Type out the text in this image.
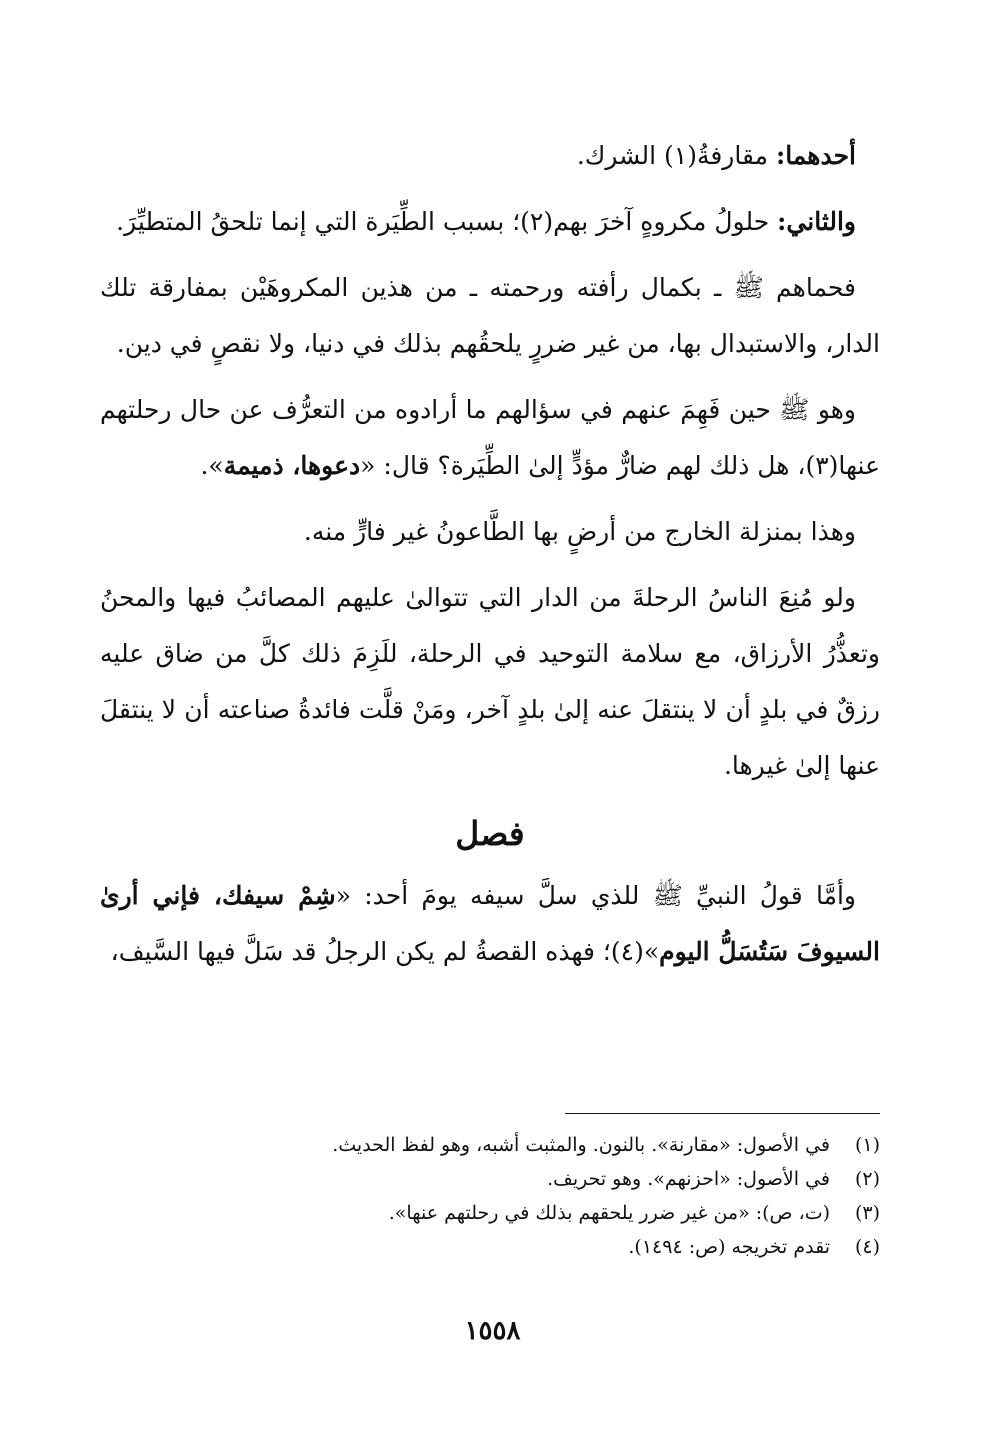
أحدهما: مقارفةُ(١) الشرك.

والثاني: حلولُ مكروهٍ آخرَ بهم(٢)؛ بسبب الطِّيَرة التي إنما تلحقُ المتطيِّرَ.

فحماهم ﷺ ـ بكمال رأفته ورحمته ـ من هذين المكروهَيْن بمفارقة تلك الدار، والاستبدال بها، من غير ضررٍ يلحقُهم بذلك في دنيا، ولا نقصٍ في دين.

وهو ﷺ حين فَهِمَ عنهم في سؤالهم ما أرادوه من التعرُّف عن حال رحلتهم عنها(٣)، هل ذلك لهم ضارٌّ مؤدٍّ إلىٰ الطِّيَرة؟ قال: «دعوها، ذميمة».

وهذا بمنزلة الخارج من أرضٍ بها الطَّاعونُ غير فارٍّ منه.

ولو مُنِعَ الناسُ الرحلةَ من الدار التي تتوالىٰ عليهم المصائبُ فيها والمحنُ وتعذُّرُ الأرزاق، مع سلامة التوحيد في الرحلة، للَزِمَ ذلك كلَّ من ضاق عليه رزقٌ في بلدٍ أن لا ينتقلَ عنه إلىٰ بلدٍ آخر، ومَنْ قلَّت فائدةُ صناعته أن لا ينتقلَ عنها إلىٰ غيرها.

فصل

وأمَّا قولُ النبيِّ ﷺ للذي سلَّ سيفه يومَ أحد: «شِمْ سيفك، فإني أرىٰ السيوفَ سَتُسَلُّ اليوم»(٤)؛ فهذه القصةُ لم يكن الرجلُ قد سَلَّ فيها السَّيف،

(١)
في الأصول: «مقارنة». بالنون. والمثبت أشبه، وهو لفظ الحديث.
(٢)
في الأصول: «احزنهم». وهو تحريف.
(٣)
(ت، ص): «من غير ضرر يلحقهم بذلك في رحلتهم عنها».
(٤)
تقدم تخريجه (ص: ١٤٩٤).
١٥٥٨
